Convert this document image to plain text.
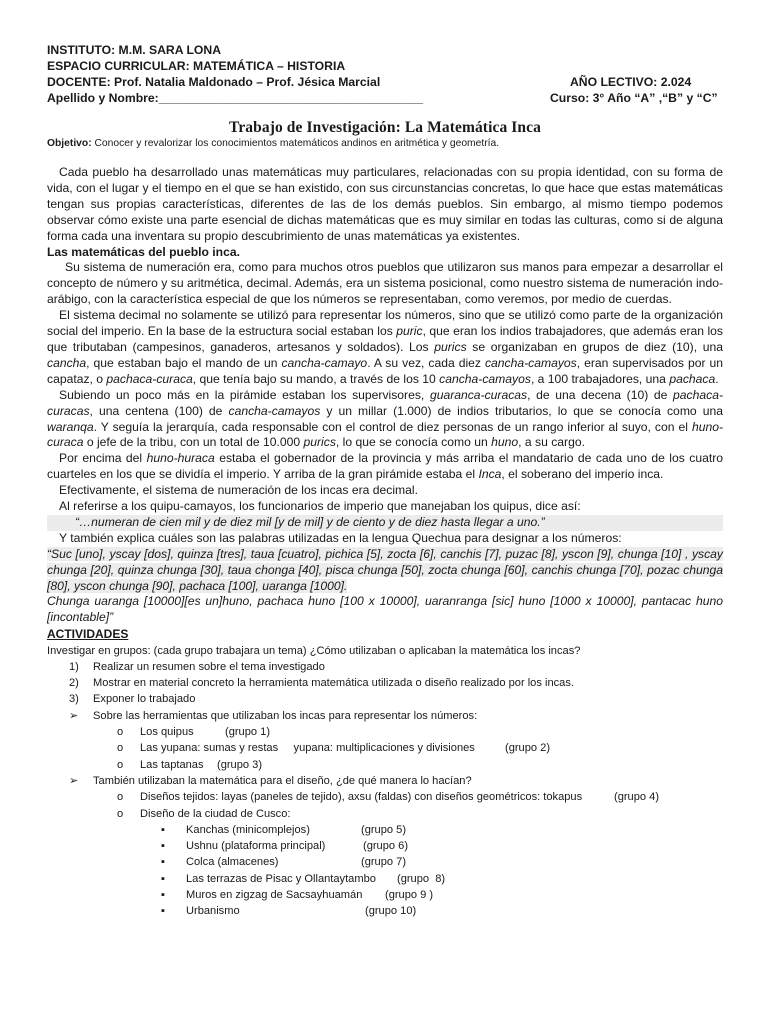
INSTITUTO: M.M. SARA LONA
ESPACIO CURRICULAR: MATEMÁTICA – HISTORIA
DOCENTE: Prof. Natalia Maldonado – Prof. Jésica Marcial	AÑO LECTIVO: 2.024
Apellido y Nombre:_______________________________________	Curso: 3° Año “A” ,“B” y “C”
Trabajo de Investigación: La Matemática Inca
Objetivo: Conocer y revalorizar los conocimientos matemáticos andinos en aritmética y geometría.

Cada pueblo ha desarrollado unas matemáticas muy particulares, relacionadas con su propia identidad, con su forma de vida, con el lugar y el tiempo en el que se han existido, con sus circunstancias concretas, lo que hace que estas matemáticas tengan sus propias características, diferentes de las de los demás pueblos. Sin embargo, al mismo tiempo podemos observar cómo existe una parte esencial de dichas matemáticas que es muy similar en todas las culturas, como si de alguna forma cada una inventara su propio descubrimiento de unas matemáticas ya existentes.

Las matemáticas del pueblo inca.

Su sistema de numeración era, como para muchos otros pueblos que utilizaron sus manos para empezar a desarrollar el concepto de número y su aritmética, decimal. Además, era un sistema posicional, como nuestro sistema de numeración indo-arábigo, con la característica especial de que los números se representaban, como veremos, por medio de cuerdas.

El sistema decimal no solamente se utilizó para representar los números, sino que se utilizó como parte de la organización social del imperio. En la base de la estructura social estaban los puric, que eran los indios trabajadores, que además eran los que tributaban (campesinos, ganaderos, artesanos y soldados). Los purics se organizaban en grupos de diez (10), una cancha, que estaban bajo el mando de un cancha-camayo. A su vez, cada diez cancha-camayos, eran supervisados por un capataz, o pachaca-curaca, que tenía bajo su mando, a través de los 10 cancha-camayos, a 100 trabajadores, una pachaca.

Subiendo un poco más en la pirámide estaban los supervisores, guaranca-curacas, de una decena (10) de pachaca-curacas, una centena (100) de cancha-camayos y un millar (1.000) de indios tributarios, lo que se conocía como una waranqa. Y seguía la jerarquía, cada responsable con el control de diez personas de un rango inferior al suyo, con el huno-curaca o jefe de la tribu, con un total de 10.000 purics, lo que se conocía como un huno, a su cargo.

Por encima del huno-huraca estaba el gobernador de la provincia y más arriba el mandatario de cada uno de los cuatro cuarteles en los que se dividía el imperio. Y arriba de la gran pirámide estaba el Inca, el soberano del imperio inca.

Efectivamente, el sistema de numeración de los incas era decimal.

Al referirse a los quipu-camayos, los funcionarios de imperio que manejaban los quipus, dice así:

“…numeran de cien mil y de diez mil [y de mil] y de ciento y de diez hasta llegar a uno.”

Y también explica cuáles son las palabras utilizadas en la lengua Quechua para designar a los números:

“Suc [uno], yscay [dos], quinza [tres], taua [cuatro], pichica [5], zocta [6], canchis [7], puzac [8], yscon [9], chunga [10] , yscay chunga [20], quinza chunga [30], taua chonga [40], pisca chunga [50], zocta chunga [60], canchis chunga [70], pozac chunga [80], yscon chunga [90], pachaca [100], uaranga [1000].

Chunga uaranga [10000][es un]huno, pachaca huno [100 x 10000], uaranranga [sic] huno [1000 x 10000], pantacac huno [incontable]”

ACTIVIDADES
Investigar en grupos: (cada grupo trabajara un tema) ¿Cómo utilizaban o aplicaban la matemática los incas?
1) Realizar un resumen sobre el tema investigado
2) Mostrar en material concreto la herramienta matemática utilizada o diseño realizado por los incas.
3) Exponer lo trabajado
➢ Sobre las herramientas que utilizaban los incas para representar los números:
o Los quipus	(grupo 1)
o Las yupana: sumas y restas     yupana: multiplicaciones y divisiones	(grupo 2)
o Las taptanas (grupo 3)
➢ También utilizaban la matemática para el diseño, ¿de qué manera lo hacían?
o Diseños tejidos: layas (paneles de tejido), axsu (faldas) con diseños geométricos: tokapus	(grupo 4)
o Diseño de la ciudad de Cusco:
▪ Kanchas (minicomplejos)	(grupo 5)
▪ Ushnu (plataforma principal)	(grupo 6)
▪ Colca (almacenes)	(grupo 7)
▪ Las terrazas de Pisac y Ollantaytambo (grupo  8)
▪ Muros en zigzag de Sacsayhuamán (grupo 9 )
▪ Urbanismo	(grupo 10)
